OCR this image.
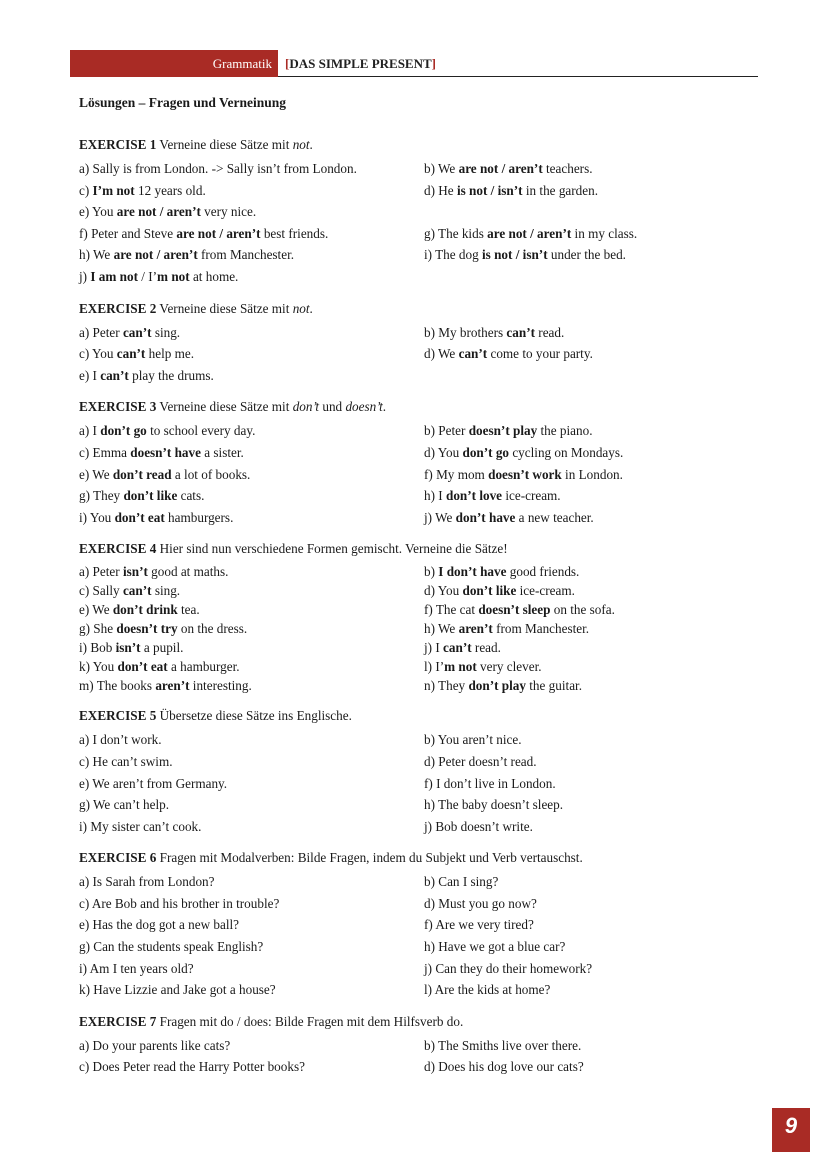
Grammatik [DAS SIMPLE PRESENT]
Lösungen – Fragen und Verneinung
EXERCISE 1 Verneine diese Sätze mit not.
a) Sally is from London. -> Sally isn’t from London.	b) We are not / aren’t teachers.
c) I’m not 12 years old.	d) He is not / isn’t in the garden.
e) You are not / aren’t very nice.
f) Peter and Steve are not / aren’t best friends.	g) The kids are not / aren’t in my class.
h) We are not / aren’t from Manchester.	i) The dog is not / isn’t under the bed.
j) I am not / I’m not at home.
EXERCISE 2 Verneine diese Sätze mit not.
a) Peter can’t sing.	b) My brothers can’t read.
c) You can’t help me.	d) We can’t come to your party.
e) I can’t play the drums.
EXERCISE 3 Verneine diese Sätze mit don’t und doesn’t.
a) I don’t go to school every day.	b) Peter doesn’t play the piano.
c) Emma doesn’t have a sister.	d) You don’t go cycling on Mondays.
e) We don’t read a lot of books.	f) My mom doesn’t work in London.
g) They don’t like cats.	h) I don’t love ice-cream.
i) You don’t eat hamburgers.	j) We don’t have a new teacher.
EXERCISE 4 Hier sind nun verschiedene Formen gemischt. Verneine die Sätze!
a) Peter isn’t good at maths.	b) I don’t have good friends.
c) Sally can’t sing.	d) You don’t like ice-cream.
e) We don’t drink tea.	f) The cat doesn’t sleep on the sofa.
g) She doesn’t try on the dress.	h) We aren’t from Manchester.
i) Bob isn’t a pupil.	j) I can’t read.
k) You don’t eat a hamburger.	l) I’m not very clever.
m) The books aren’t interesting.	n) They don’t play the guitar.
EXERCISE 5 Übersetze diese Sätze ins Englische.
a) I don’t work.	b) You aren’t nice.
c) He can’t swim.	d) Peter doesn’t read.
e) We aren’t from Germany.	f) I don’t live in London.
g) We can’t help.	h) The baby doesn’t sleep.
i) My sister can’t cook.	j) Bob doesn’t write.
EXERCISE 6 Fragen mit Modalverben: Bilde Fragen, indem du Subjekt und Verb vertauschst.
a) Is Sarah from London?	b) Can I sing?
c) Are Bob and his brother in trouble?	d) Must you go now?
e) Has the dog got a new ball?	f) Are we very tired?
g) Can the students speak English?	h) Have we got a blue car?
i) Am I ten years old?	j) Can they do their homework?
k) Have Lizzie and Jake got a house?	l) Are the kids at home?
EXERCISE 7 Fragen mit do / does: Bilde Fragen mit dem Hilfsverb do.
a) Do your parents like cats?	b) The Smiths live over there.
c) Does Peter read the Harry Potter books?	d) Does his dog love our cats?
9
